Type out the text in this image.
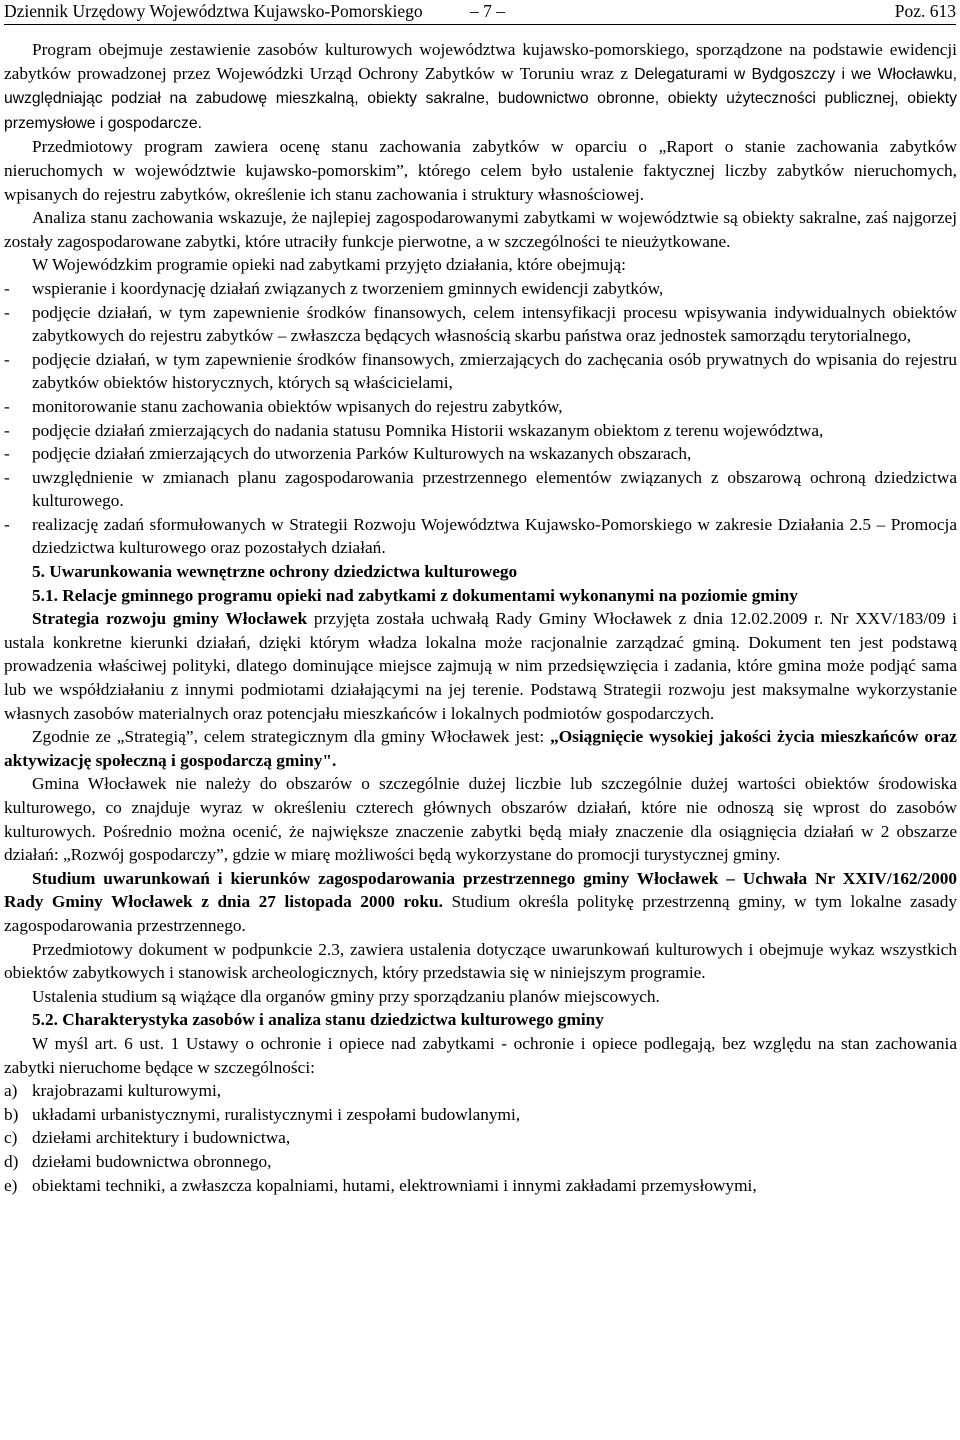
Dziennik Urzędowy Województwa Kujawsko-Pomorskiego	– 7 –	Poz. 613

Program obejmuje zestawienie zasobów kulturowych województwa kujawsko-pomorskiego, sporządzone na podstawie ewidencji zabytków prowadzonej przez Wojewódzki Urząd Ochrony Zabytków w Toruniu wraz z Delegaturami w Bydgoszczy i we Włocławku, uwzględniając podział na zabudowę mieszkalną, obiekty sakralne, budownictwo obronne, obiekty użyteczności publicznej, obiekty przemysłowe i gospodarcze.

Przedmiotowy program zawiera ocenę stanu zachowania zabytków w oparciu o „Raport o stanie zachowania zabytków nieruchomych w województwie kujawsko-pomorskim”, którego celem było ustalenie faktycznej liczby zabytków nieruchomych, wpisanych do rejestru zabytków, określenie ich stanu zachowania i struktury własnościowej.

Analiza stanu zachowania wskazuje, że najlepiej zagospodarowanymi zabytkami w województwie są obiekty sakralne, zaś najgorzej zostały zagospodarowane zabytki, które utraciły funkcje pierwotne, a w szczególności te nieużytkowane.

W Wojewódzkim programie opieki nad zabytkami przyjęto działania, które obejmują:

- wspieranie i koordynację działań związanych z tworzeniem gminnych ewidencji zabytków,

- podjęcie działań, w tym zapewnienie środków finansowych, celem intensyfikacji procesu wpisywania indywidualnych obiektów zabytkowych do rejestru zabytków – zwłaszcza będących własnością skarbu państwa oraz jednostek samorządu terytorialnego,

- podjęcie działań, w tym zapewnienie środków finansowych, zmierzających do zachęcania osób prywatnych do wpisania do rejestru zabytków obiektów historycznych, których są właścicielami,

- monitorowanie stanu zachowania obiektów wpisanych do rejestru zabytków,

- podjęcie działań zmierzających do nadania statusu Pomnika Historii wskazanym obiektom z terenu województwa,

- podjęcie działań zmierzających do utworzenia Parków Kulturowych na wskazanych obszarach,

- uwzględnienie w zmianach planu zagospodarowania przestrzennego elementów związanych z obszarową ochroną dziedzictwa kulturowego.

- realizację zadań sformułowanych w Strategii Rozwoju Województwa Kujawsko-Pomorskiego w zakresie Działania 2.5 – Promocja dziedzictwa kulturowego oraz pozostałych działań.

5. Uwarunkowania wewnętrzne ochrony dziedzictwa kulturowego

5.1. Relacje gminnego programu opieki nad zabytkami z dokumentami wykonanymi na poziomie gminy

Strategia rozwoju gminy Włocławek przyjęta została uchwałą Rady Gminy Włocławek z dnia 12.02.2009 r. Nr XXV/183/09 i ustala konkretne kierunki działań, dzięki którym władza lokalna może racjonalnie zarządzać gminą. Dokument ten jest podstawą prowadzenia właściwej polityki, dlatego dominujące miejsce zajmują w nim przedsięwzięcia i zadania, które gmina może podjąć sama lub we współdziałaniu z innymi podmiotami działającymi na jej terenie. Podstawą Strategii rozwoju jest maksymalne wykorzystanie własnych zasobów materialnych oraz potencjału mieszkańców i lokalnych podmiotów gospodarczych.

Zgodnie ze „Strategią”, celem strategicznym dla gminy Włocławek jest: „Osiągnięcie wysokiej jakości życia mieszkańców oraz aktywizację społeczną i gospodarczą gminy".

Gmina Włocławek nie należy do obszarów o szczególnie dużej liczbie lub szczególnie dużej wartości obiektów środowiska kulturowego, co znajduje wyraz w określeniu czterech głównych obszarów działań, które nie odnoszą się wprost do zasobów kulturowych. Pośrednio można ocenić, że największe znaczenie zabytki będą miały znaczenie dla osiągnięcia działań w 2 obszarze działań: „Rozwój gospodarczy”, gdzie w miarę możliwości będą wykorzystane do promocji turystycznej gminy.

Studium uwarunkowań i kierunków zagospodarowania przestrzennego gminy Włocławek – Uchwała Nr XXIV/162/2000 Rady Gminy Włocławek z dnia 27 listopada 2000 roku. Studium określa politykę przestrzenną gminy, w tym lokalne zasady zagospodarowania przestrzennego.

Przedmiotowy dokument w podpunkcie 2.3, zawiera ustalenia dotyczące uwarunkowań kulturowych i obejmuje wykaz wszystkich obiektów zabytkowych i stanowisk archeologicznych, który przedstawia się w niniejszym programie.

Ustalenia studium są wiążące dla organów gminy przy sporządzaniu planów miejscowych.

5.2. Charakterystyka zasobów i analiza stanu dziedzictwa kulturowego gminy

W myśl art. 6 ust. 1 Ustawy o ochronie i opiece nad zabytkami - ochronie i opiece podlegają, bez względu na stan zachowania zabytki nieruchome będące w szczególności:

a) krajobrazami kulturowymi,

b) układami urbanistycznymi, ruralistycznymi i zespołami budowlanymi,

c) dziełami architektury i budownictwa,

d) dziełami budownictwa obronnego,

e) obiektami techniki, a zwłaszcza kopalniami, hutami, elektrowniami i innymi zakładami przemysłowymi,
